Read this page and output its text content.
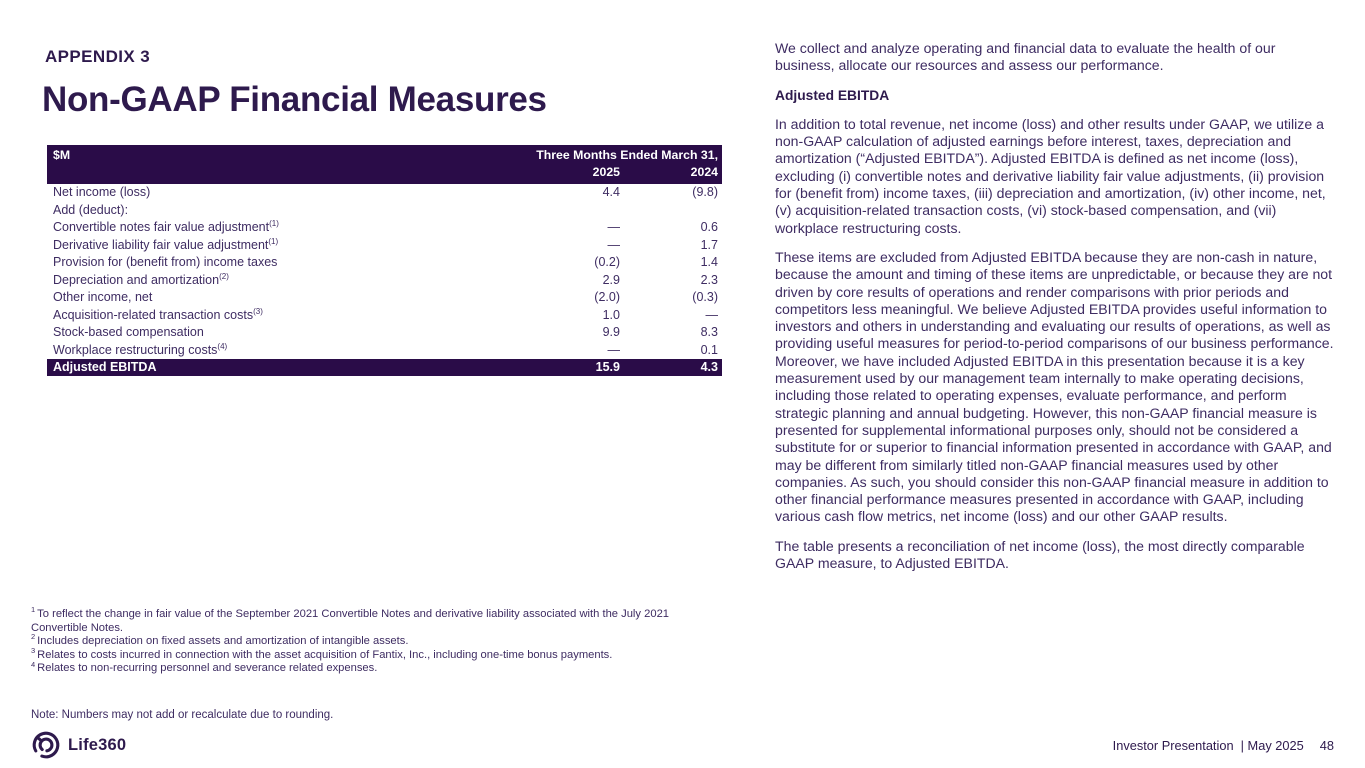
APPENDIX 3
Non-GAAP Financial Measures
$M	Three Months Ended March 31,
2025	2024
Net income (loss)	4.4	(9.8)
Add (deduct):
Convertible notes fair value adjustment$^{(1)}$	—	0.6
Derivative liability fair value adjustment$^{(1)}$	—	1.7
Provision for (benefit from) income taxes	(0.2)	1.4
Depreciation and amortization$^{(2)}$	2.9	2.3
Other income, net	(2.0)	(0.3)
Acquisition-related transaction costs$^{(3)}$	1.0	—
Stock-based compensation	9.9	8.3
Workplace restructuring costs$^{(4)}$	—	0.1
Adjusted EBITDA	15.9	4.3
$^1$ To reflect the change in fair value of the September 2021 Convertible Notes and derivative liability associated with the July 2021 Convertible Notes.
$^2$ Includes depreciation on fixed assets and amortization of intangible assets.
$^3$ Relates to costs incurred in connection with the asset acquisition of Fantix, Inc., including one-time bonus payments.
$^4$ Relates to non-recurring personnel and severance related expenses.
Note: Numbers may not add or recalculate due to rounding.

We collect and analyze operating and financial data to evaluate the health of our business, allocate our resources and assess our performance.

Adjusted EBITDA

In addition to total revenue, net income (loss) and other results under GAAP, we utilize a non-GAAP calculation of adjusted earnings before interest, taxes, depreciation and amortization (“Adjusted EBITDA”). Adjusted EBITDA is defined as net income (loss), excluding (i) convertible notes and derivative liability fair value adjustments, (ii) provision for (benefit from) income taxes, (iii) depreciation and amortization, (iv) other income, net, (v) acquisition-related transaction costs, (vi) stock-based compensation, and (vii) workplace restructuring costs.

These items are excluded from Adjusted EBITDA because they are non-cash in nature, because the amount and timing of these items are unpredictable, or because they are not driven by core results of operations and render comparisons with prior periods and competitors less meaningful. We believe Adjusted EBITDA provides useful information to investors and others in understanding and evaluating our results of operations, as well as providing useful measures for period-to-period comparisons of our business performance. Moreover, we have included Adjusted EBITDA in this presentation because it is a key measurement used by our management team internally to make operating decisions, including those related to operating expenses, evaluate performance, and perform strategic planning and annual budgeting. However, this non-GAAP financial measure is presented for supplemental informational purposes only, should not be considered a substitute for or superior to financial information presented in accordance with GAAP, and may be different from similarly titled non-GAAP financial measures used by other companies. As such, you should consider this non-GAAP financial measure in addition to other financial performance measures presented in accordance with GAAP, including various cash flow metrics, net income (loss) and our other GAAP results.

The table presents a reconciliation of net income (loss), the most directly comparable GAAP measure, to Adjusted EBITDA.

Life360	Investor Presentation  | May 2025 48
